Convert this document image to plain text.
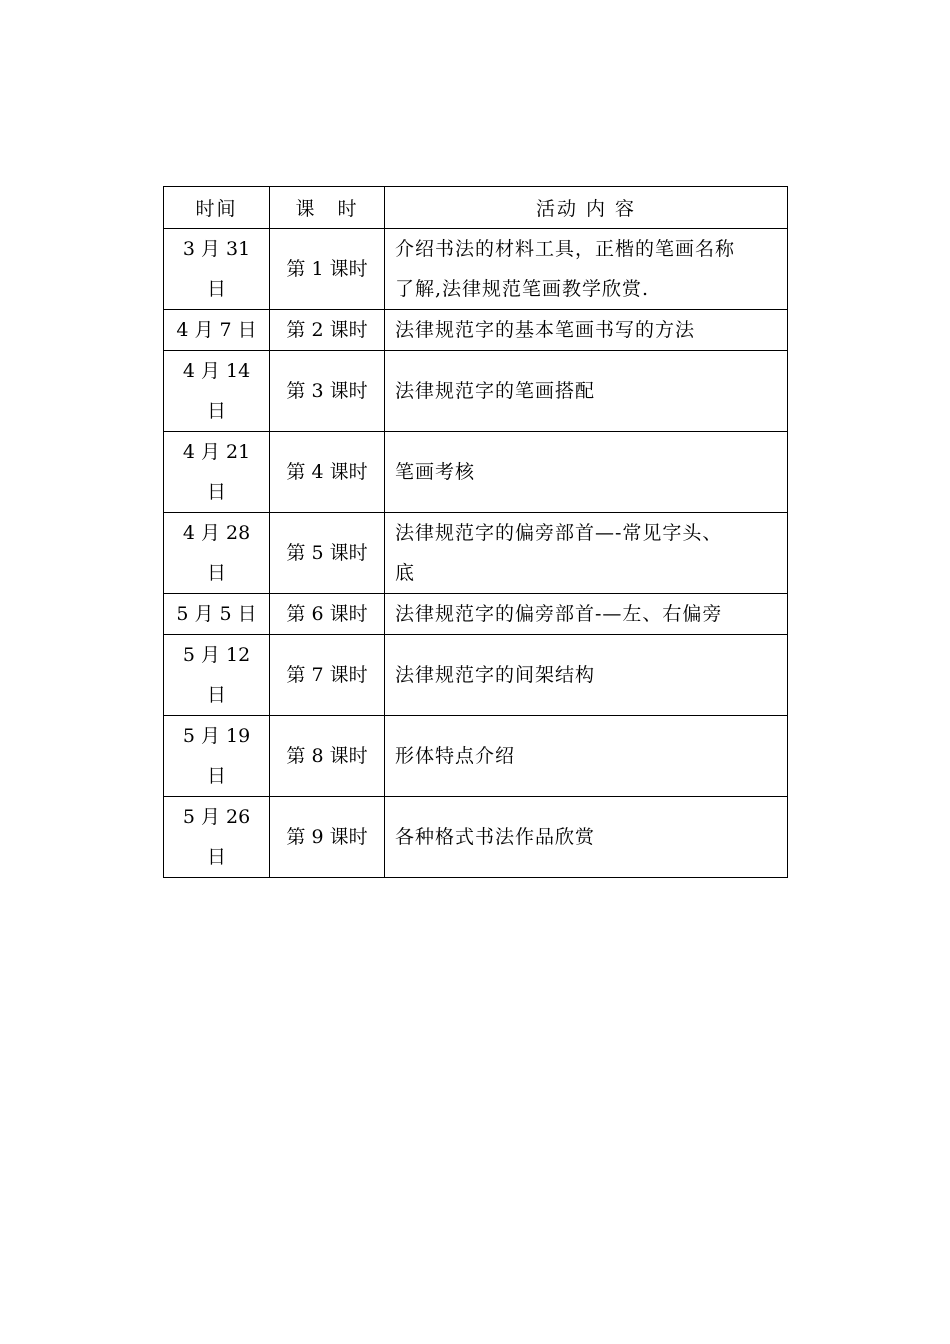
时间	课　时	活动 内 容

3 月 31
日	第 1 课时	介绍书法的材料工具，正楷的笔画名称
了解,法律规范笔画教学欣赏.

4 月 7 日	第 2 课时	法律规范字的基本笔画书写的方法

4 月 14
日	第 3 课时	法律规范字的笔画搭配

4 月 21
日	第 4 课时	笔画考核

4 月 28
日	第 5 课时	法律规范字的偏旁部首—-常见字头、
底

5 月 5 日	第 6 课时	法律规范字的偏旁部首-—左、右偏旁

5 月 12
日	第 7 课时	法律规范字的间架结构

5 月 19
日	第 8 课时	形体特点介绍

5 月 26
日	第 9 课时	各种格式书法作品欣赏
